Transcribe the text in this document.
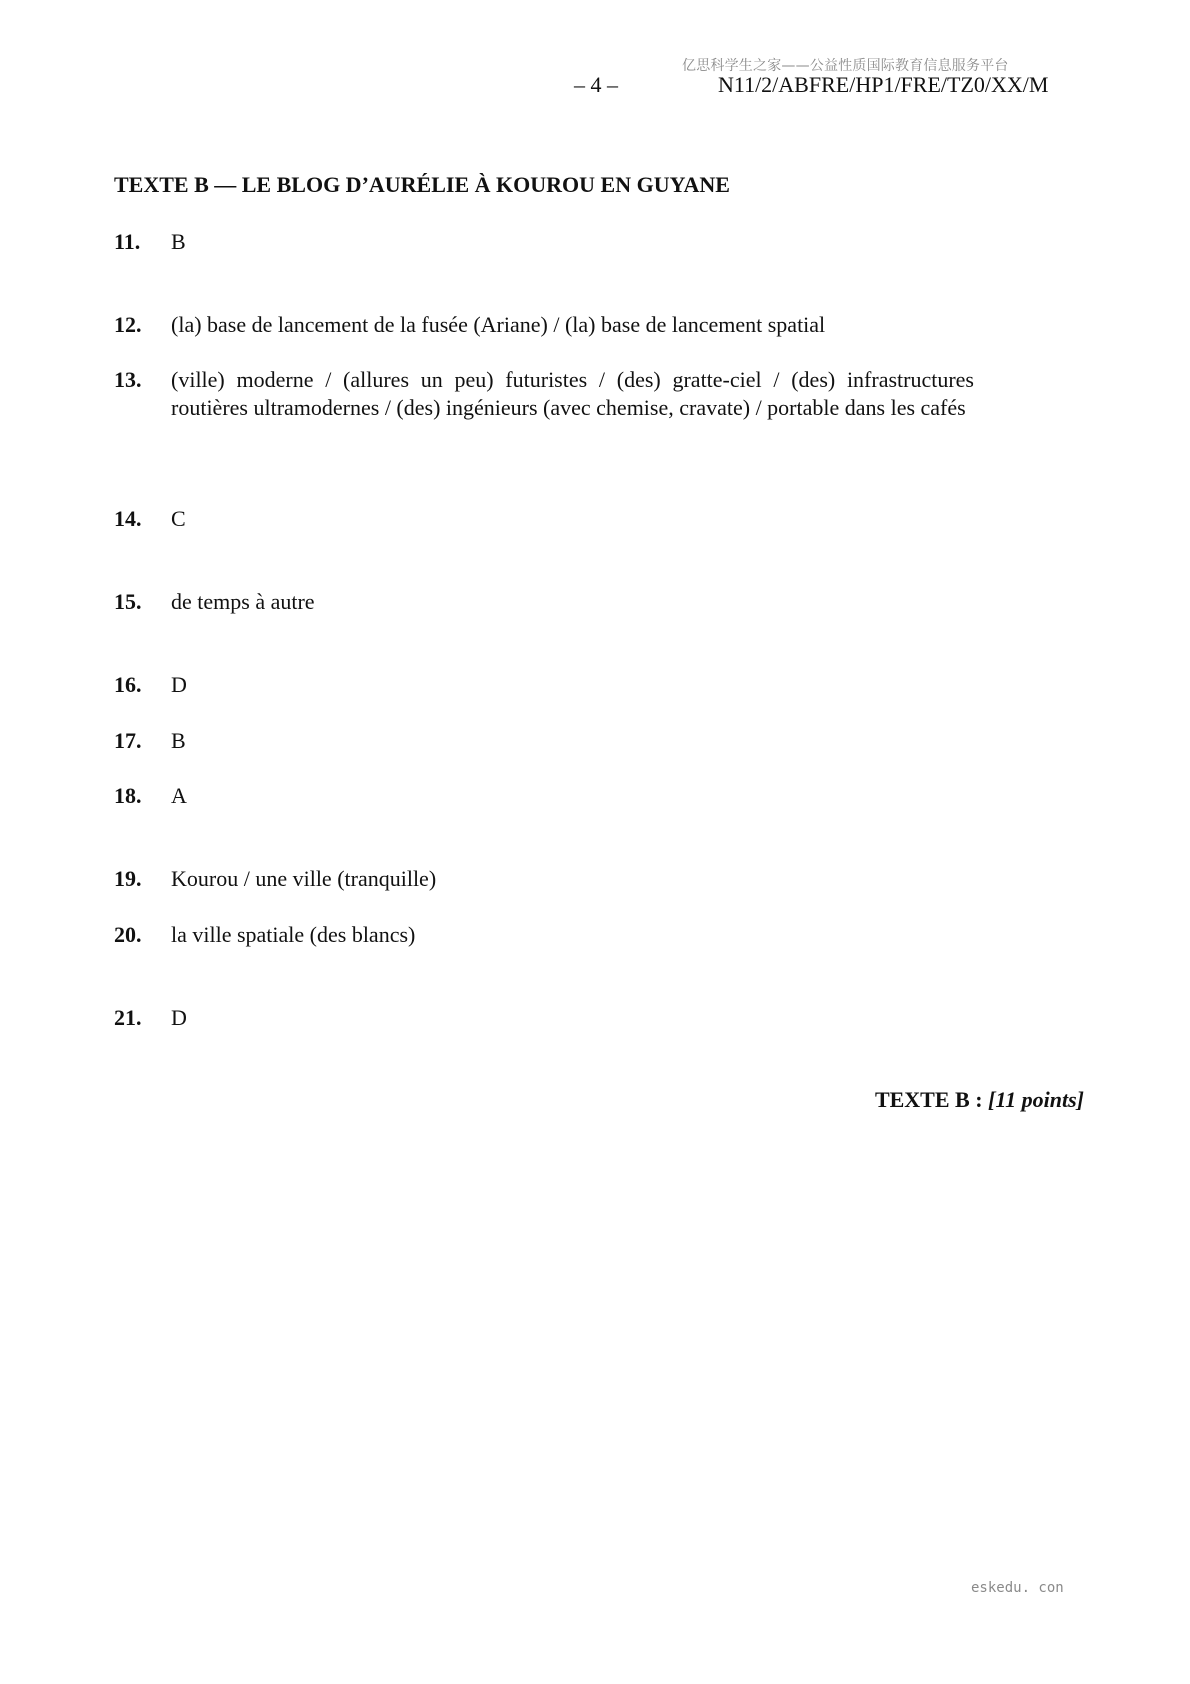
亿思科学生之家——公益性质国际教育信息服务平台
– 4 –	N11/2/ABFRE/HP1/FRE/TZ0/XX/M
TEXTE B — LE BLOG D’AURÉLIE À KOUROU EN GUYANE
11.	B
12.	(la) base de lancement de la fusée (Ariane) / (la) base de lancement spatial
13.	(ville) moderne / (allures un peu) futuristes / (des) gratte-ciel / (des) infrastructures routières ultramodernes / (des) ingénieurs (avec chemise, cravate) / portable dans les cafés
14.	C
15.	de temps à autre
16.	D
17.	B
18.	A
19.	Kourou / une ville (tranquille)
20.	la ville spatiale (des blancs)
21.	D
TEXTE B : [11 points]
eskedu. con
